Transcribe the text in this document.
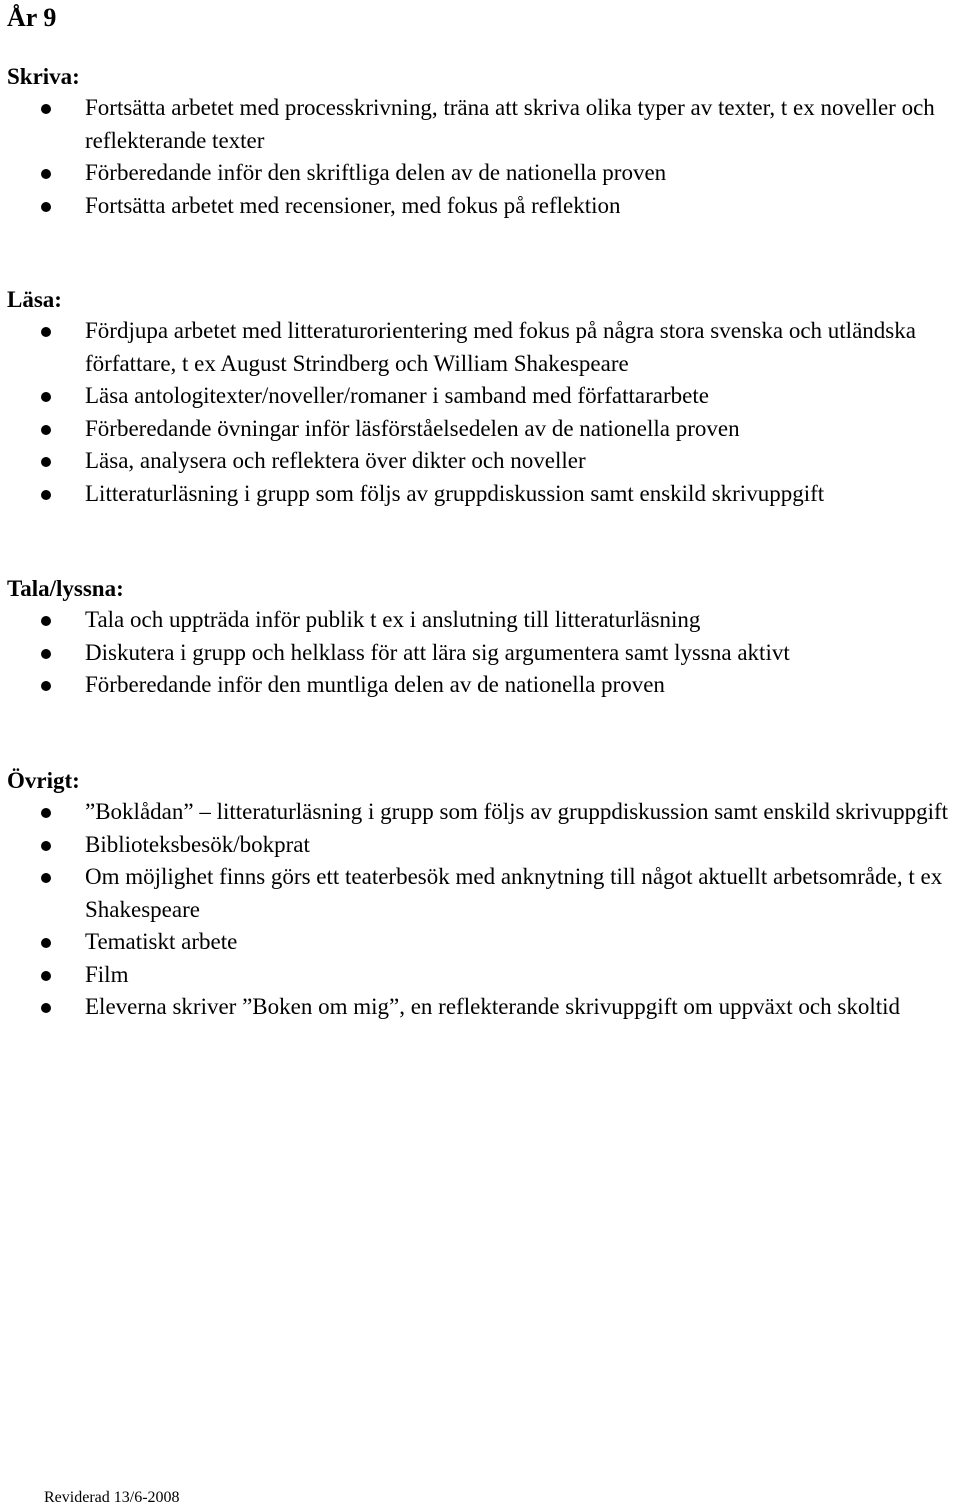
År 9
Skriva:
Fortsätta arbetet med processkrivning, träna att skriva olika typer av texter, t ex noveller och reflekterande texter
Förberedande inför den skriftliga delen av de nationella proven
Fortsätta arbetet med recensioner, med fokus på reflektion
Läsa:
Fördjupa arbetet med litteraturorientering med fokus på några stora svenska och utländska författare, t ex August Strindberg och William Shakespeare
Läsa antologitexter/noveller/romaner i samband med författararbete
Förberedande övningar inför läsförståelsedelen av de nationella proven
Läsa, analysera och reflektera över dikter och noveller
Litteraturläsning i grupp som följs av gruppdiskussion samt enskild skrivuppgift
Tala/lyssna:
Tala och uppträda inför publik t ex i anslutning till litteraturläsning
Diskutera i grupp och helklass för att lära sig argumentera samt lyssna aktivt
Förberedande inför den muntliga delen av de nationella proven
Övrigt:
”Boklådan” – litteraturläsning i grupp som följs av gruppdiskussion samt enskild skrivuppgift
Biblioteksbesök/bokprat
Om möjlighet finns görs ett teaterbesök med anknytning till något aktuellt arbetsområde, t ex Shakespeare
Tematiskt arbete
Film
Eleverna skriver ”Boken om mig”, en reflekterande skrivuppgift om uppväxt och skoltid

Reviderad 13/6-2008
